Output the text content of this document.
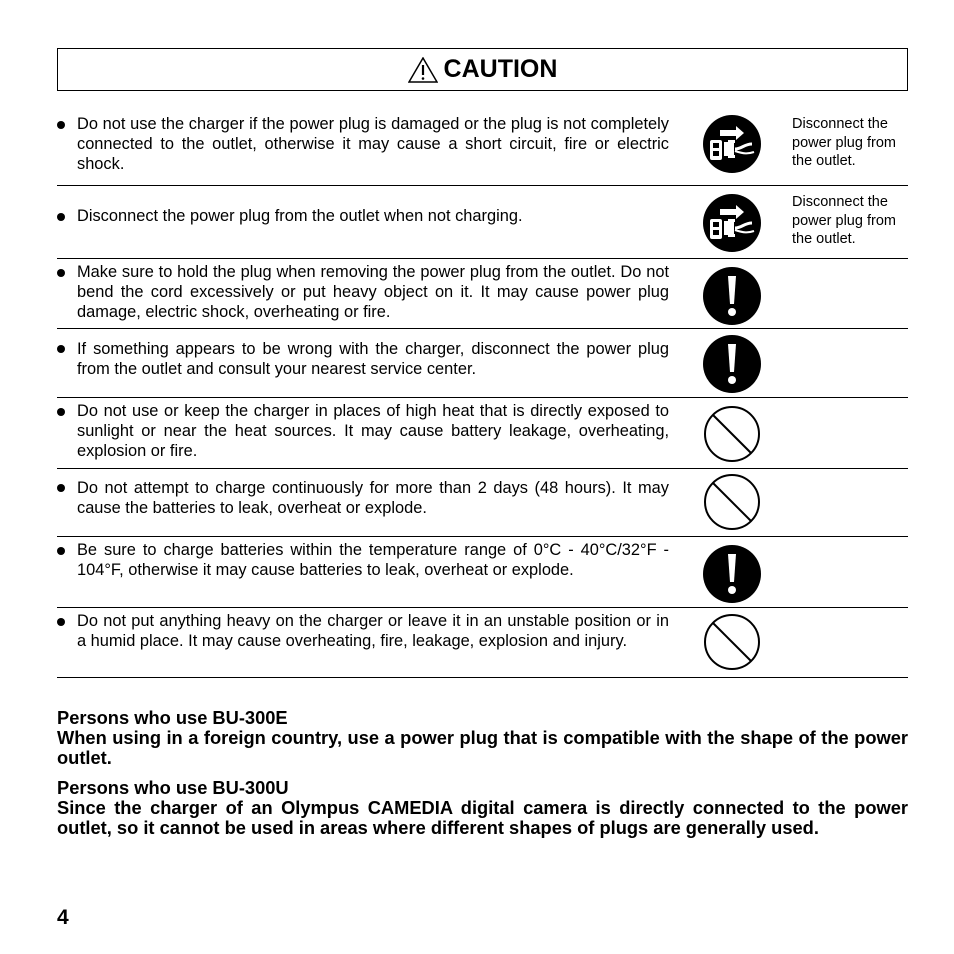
CAUTION
Do not use the charger if the power plug is damaged or the plug is not completely connected to the outlet, otherwise it may cause a short circuit, fire or electric shock.
Disconnect the power plug from the outlet.
Disconnect the power plug from the outlet when not charging.
Disconnect the power plug from the outlet.
Make sure to hold the plug when removing the power plug from the outlet. Do not bend the cord excessively or put heavy object on it. It may cause power plug damage, electric shock, overheating or fire.
If something appears to be wrong with the charger, disconnect the power plug from the outlet and consult your nearest service center.
Do not use or keep the charger in places of high heat that is directly exposed to sunlight or near the heat sources. It may cause battery leakage, overheating, explosion or fire.
Do not attempt to charge continuously for more than 2 days (48 hours). It may cause the batteries to leak, overheat or explode.
Be sure to charge batteries within the temperature range of 0°C - 40°C/32°F - 104°F, otherwise it may cause batteries to leak, overheat or explode.
Do not put anything heavy on the charger or leave it in an unstable position or in a humid place. It may cause overheating, fire, leakage, explosion and injury.
Persons who use BU-300E
When using in a foreign country, use a power plug that is compatible with the shape of the power outlet.
Persons who use BU-300U
Since the charger of an Olympus CAMEDIA digital camera is directly connected to the power outlet, so it cannot be used in areas where different shapes of plugs are generally used.
4
